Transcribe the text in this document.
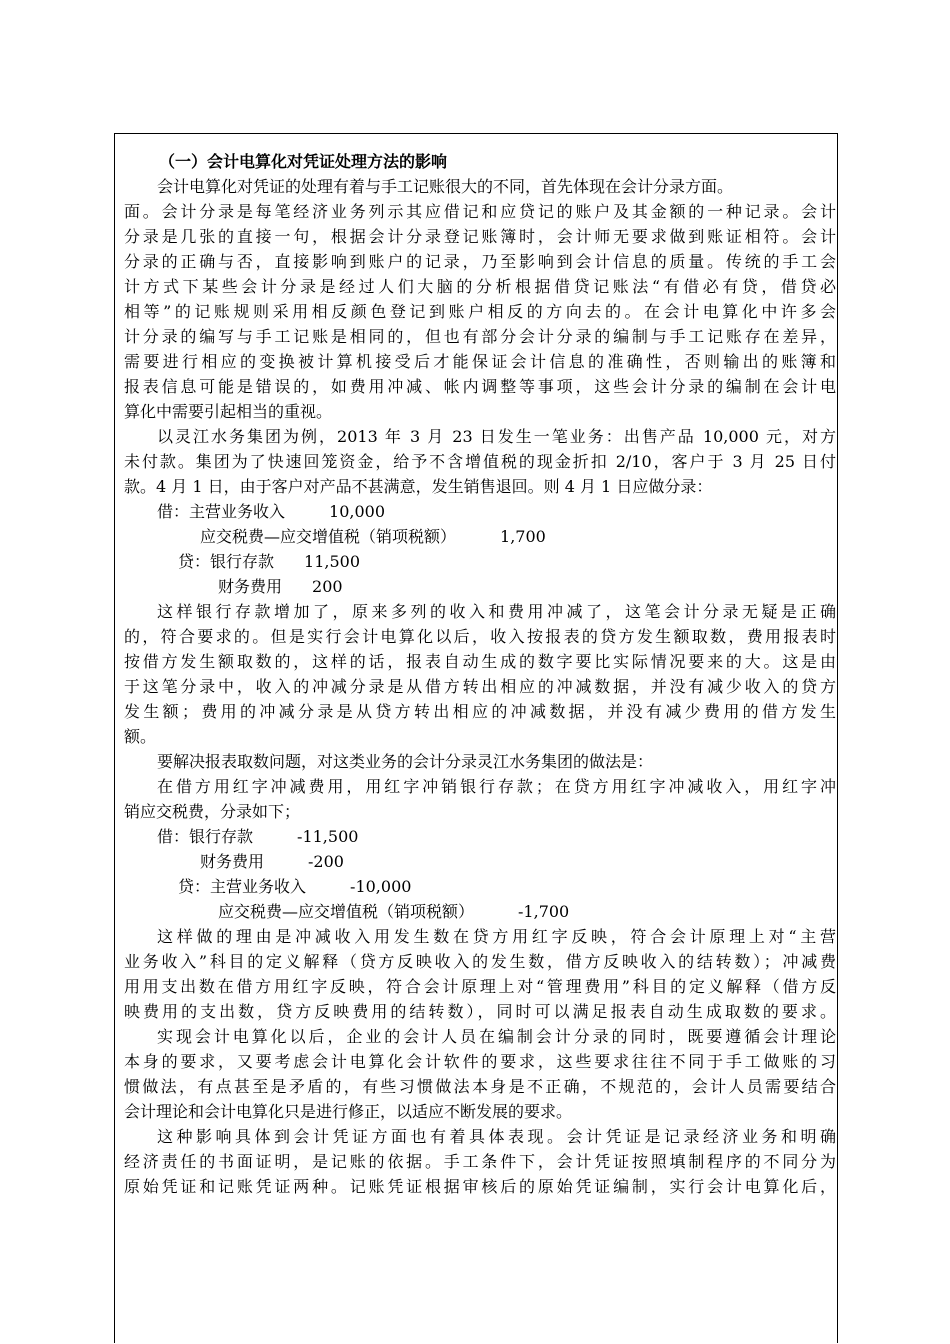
（一）会计电算化对凭证处理方法的影响
会计电算化对凭证的处理有着与手工记账很大的不同，首先体现在会计分录方面。
面。会计分录是每笔经济业务列示其应借记和应贷记的账户及其金额的一种记录。会计
分录是几张的直接一句，根据会计分录登记账簿时，会计师无要求做到账证相符。会计
分录的正确与否，直接影响到账户的记录，乃至影响到会计信息的质量。传统的手工会
计方式下某些会计分录是经过人们大脑的分析根据借贷记账法“有借必有贷，借贷必
相等”的记账规则采用相反颜色登记到账户相反的方向去的。在会计电算化中许多会
计分录的编写与手工记账是相同的，但也有部分会计分录的编制与手工记账存在差异，
需要进行相应的变换被计算机接受后才能保证会计信息的准确性，否则输出的账簿和
报表信息可能是错误的，如费用冲减、帐内调整等事项，这些会计分录的编制在会计电
算化中需要引起相当的重视。
以灵江水务集团为例，2013 年 3 月 23 日发生一笔业务：出售产品 10,000 元，对方
未付款。集团为了快速回笼资金，给予不含增值税的现金折扣 2/10，客户于 3 月 25 日付
款。4 月 1 日，由于客户对产品不甚满意，发生销售退回。则 4 月 1 日应做分录：
借：主营业务收入	10,000
应交税费—应交增值税（销项税额）	1,700
贷：银行存款 11,500
财务费用 200
这样银行存款增加了，原来多列的收入和费用冲减了，这笔会计分录无疑是正确
的，符合要求的。但是实行会计电算化以后，收入按报表的贷方发生额取数，费用报表时
按借方发生额取数的，这样的话，报表自动生成的数字要比实际情况要来的大。这是由
于这笔分录中，收入的冲减分录是从借方转出相应的冲减数据，并没有减少收入的贷方
发生额；费用的冲减分录是从贷方转出相应的冲减数据，并没有减少费用的借方发生
额。
要解决报表取数问题，对这类业务的会计分录灵江水务集团的做法是：
在借方用红字冲减费用，用红字冲销银行存款；在贷方用红字冲减收入，用红字冲
销应交税费，分录如下；
借：银行存款	-11,500
财务费用	-200
贷：主营业务收入	-10,000
应交税费—应交增值税（销项税额）	-1,700
这样做的理由是冲减收入用发生数在贷方用红字反映，符合会计原理上对“主营
业务收入”科目的定义解释（贷方反映收入的发生数，借方反映收入的结转数）；冲减费
用用支出数在借方用红字反映，符合会计原理上对“管理费用”科目的定义解释（借方反
映费用的支出数，贷方反映费用的结转数），同时可以满足报表自动生成取数的要求。
实现会计电算化以后，企业的会计人员在编制会计分录的同时，既要遵循会计理论
本身的要求，又要考虑会计电算化会计软件的要求，这些要求往往不同于手工做账的习
惯做法，有点甚至是矛盾的，有些习惯做法本身是不正确，不规范的，会计人员需要结合
会计理论和会计电算化只是进行修正，以适应不断发展的要求。
这种影响具体到会计凭证方面也有着具体表现。会计凭证是记录经济业务和明确
经济责任的书面证明，是记账的依据。手工条件下，会计凭证按照填制程序的不同分为
原始凭证和记账凭证两种。记账凭证根据审核后的原始凭证编制，实行会计电算化后，
